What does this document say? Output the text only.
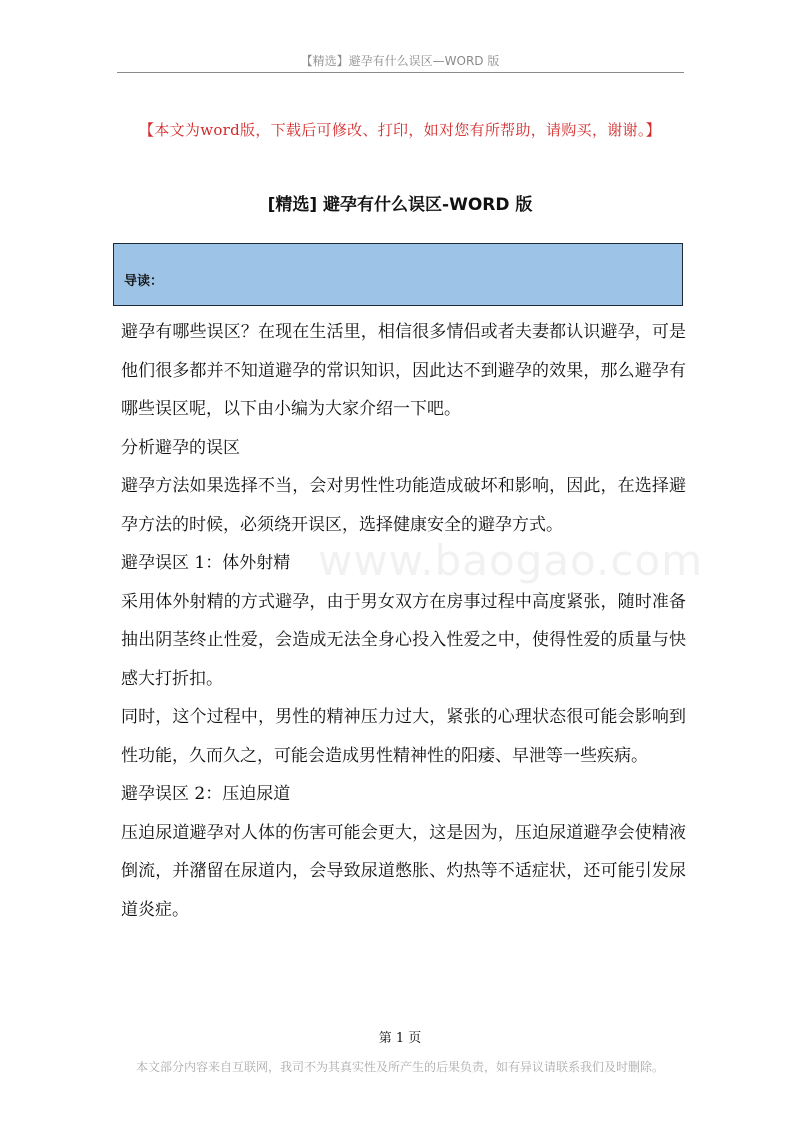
【精选】避孕有什么误区—WORD 版
【本文为word版，下载后可修改、打印，如对您有所帮助，请购买，谢谢。】
[精选] 避孕有什么误区-WORD 版
导读：
www.baogao.com

避孕有哪些误区？在现在生活里，相信很多情侣或者夫妻都认识避孕，可是他们很多都并不知道避孕的常识知识，因此达不到避孕的效果，那么避孕有哪些误区呢，以下由小编为大家介绍一下吧。

分析避孕的误区

避孕方法如果选择不当，会对男性性功能造成破坏和影响，因此，在选择避孕方法的时候，必须绕开误区，选择健康安全的避孕方式。

避孕误区 1：体外射精

采用体外射精的方式避孕，由于男女双方在房事过程中高度紧张，随时准备抽出阴茎终止性爱，会造成无法全身心投入性爱之中，使得性爱的质量与快感大打折扣。

同时，这个过程中，男性的精神压力过大，紧张的心理状态很可能会影响到性功能，久而久之，可能会造成男性精神性的阳痿、早泄等一些疾病。

避孕误区 2：压迫尿道

压迫尿道避孕对人体的伤害可能会更大，这是因为，压迫尿道避孕会使精液倒流，并潴留在尿道内，会导致尿道憋胀、灼热等不适症状，还可能引发尿道炎症。

第 1 页
本文部分内容来自互联网，我司不为其真实性及所产生的后果负责，如有异议请联系我们及时删除。
